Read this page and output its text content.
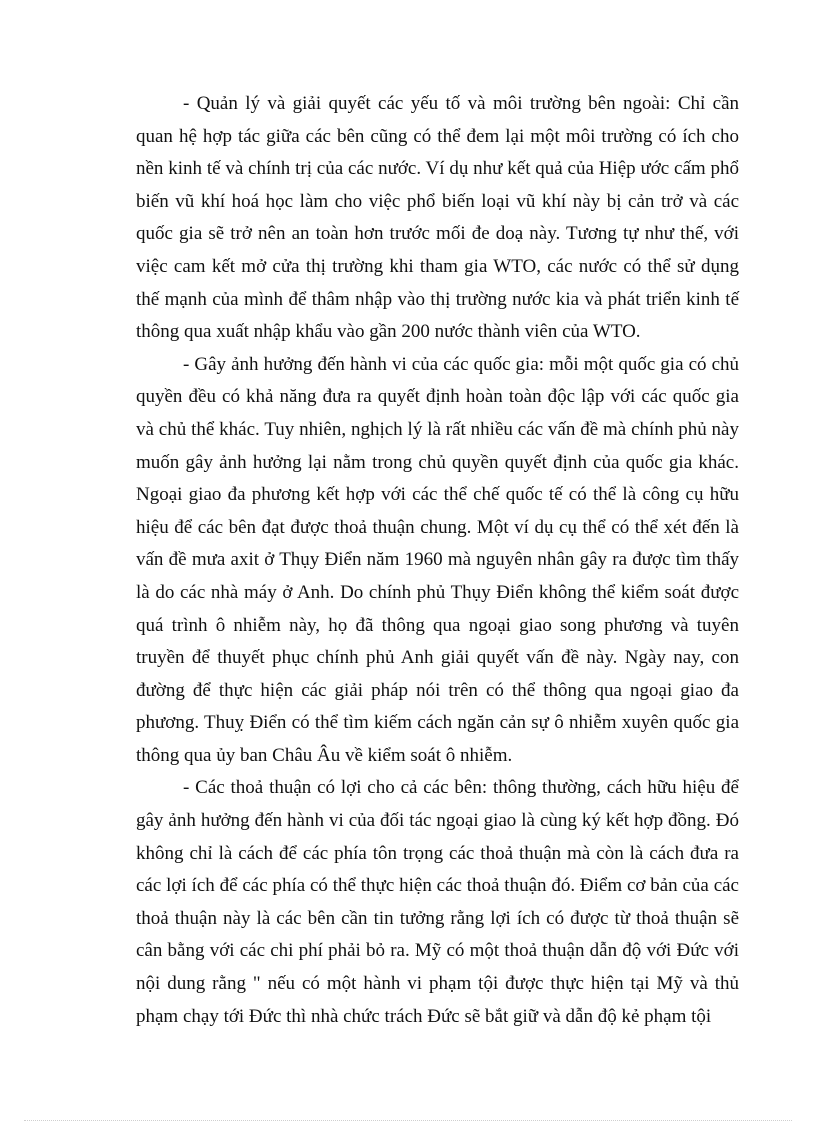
- Quản lý và giải quyết các yếu tố và môi trường bên ngoài: Chỉ cần quan hệ hợp tác giữa các bên cũng có thể đem lại một môi trường có ích cho nền kinh tế và chính trị của các nước. Ví dụ như kết quả của Hiệp ước cấm phổ biến vũ khí hoá học làm cho việc phổ biến loại vũ khí này bị cản trở và các quốc gia sẽ trở nên an toàn hơn trước mối đe doạ này. Tương tự như thế, với việc cam kết mở cửa thị trường khi tham gia WTO, các nước có thể sử dụng thế mạnh của mình để thâm nhập vào thị trường nước kia và phát triển kinh tế thông qua xuất nhập khẩu vào gần 200 nước thành viên của WTO.

- Gây ảnh hưởng đến hành vi của các quốc gia: mỗi một quốc gia có chủ quyền đều có khả năng đưa ra quyết định hoàn toàn độc lập với các quốc gia và chủ thể khác. Tuy nhiên, nghịch lý là rất nhiều các vấn đề mà chính phủ này muốn gây ảnh hưởng lại nằm trong chủ quyền quyết định của quốc gia khác. Ngoại giao đa phương kết hợp với các thể chế quốc tế có thể là công cụ hữu hiệu để các bên đạt được thoả thuận chung. Một ví dụ cụ thể có thể xét đến là vấn đề mưa axit ở Thụy Điển năm 1960 mà nguyên nhân gây ra được tìm thấy là do các nhà máy ở Anh. Do chính phủ Thụy Điển không thể kiểm soát được quá trình ô nhiễm này, họ đã thông qua ngoại giao song phương và tuyên truyền để thuyết phục chính phủ Anh giải quyết vấn đề này. Ngày nay, con đường để thực hiện các giải pháp nói trên có thể thông qua ngoại giao đa phương. Thuỵ Điển có thể tìm kiếm cách ngăn cản sự ô nhiễm xuyên quốc gia thông qua ủy ban Châu Âu về kiểm soát ô nhiễm.

- Các thoả thuận có lợi cho cả các bên: thông thường, cách hữu hiệu để gây ảnh hưởng đến hành vi của đối tác ngoại giao là cùng ký kết hợp đồng. Đó không chỉ là cách để các phía tôn trọng các thoả thuận mà còn là cách đưa ra các lợi ích để các phía có thể thực hiện các thoả thuận đó. Điểm cơ bản của các thoả thuận này là các bên cần tin tưởng rằng lợi ích có được từ thoả thuận sẽ cân bằng với các chi phí phải bỏ ra. Mỹ có một thoả thuận dẫn độ với Đức với nội dung rằng " nếu có một hành vi phạm tội được thực hiện tại Mỹ và thủ phạm chạy tới Đức thì nhà chức trách Đức sẽ bắt giữ và dẫn độ kẻ phạm tội
